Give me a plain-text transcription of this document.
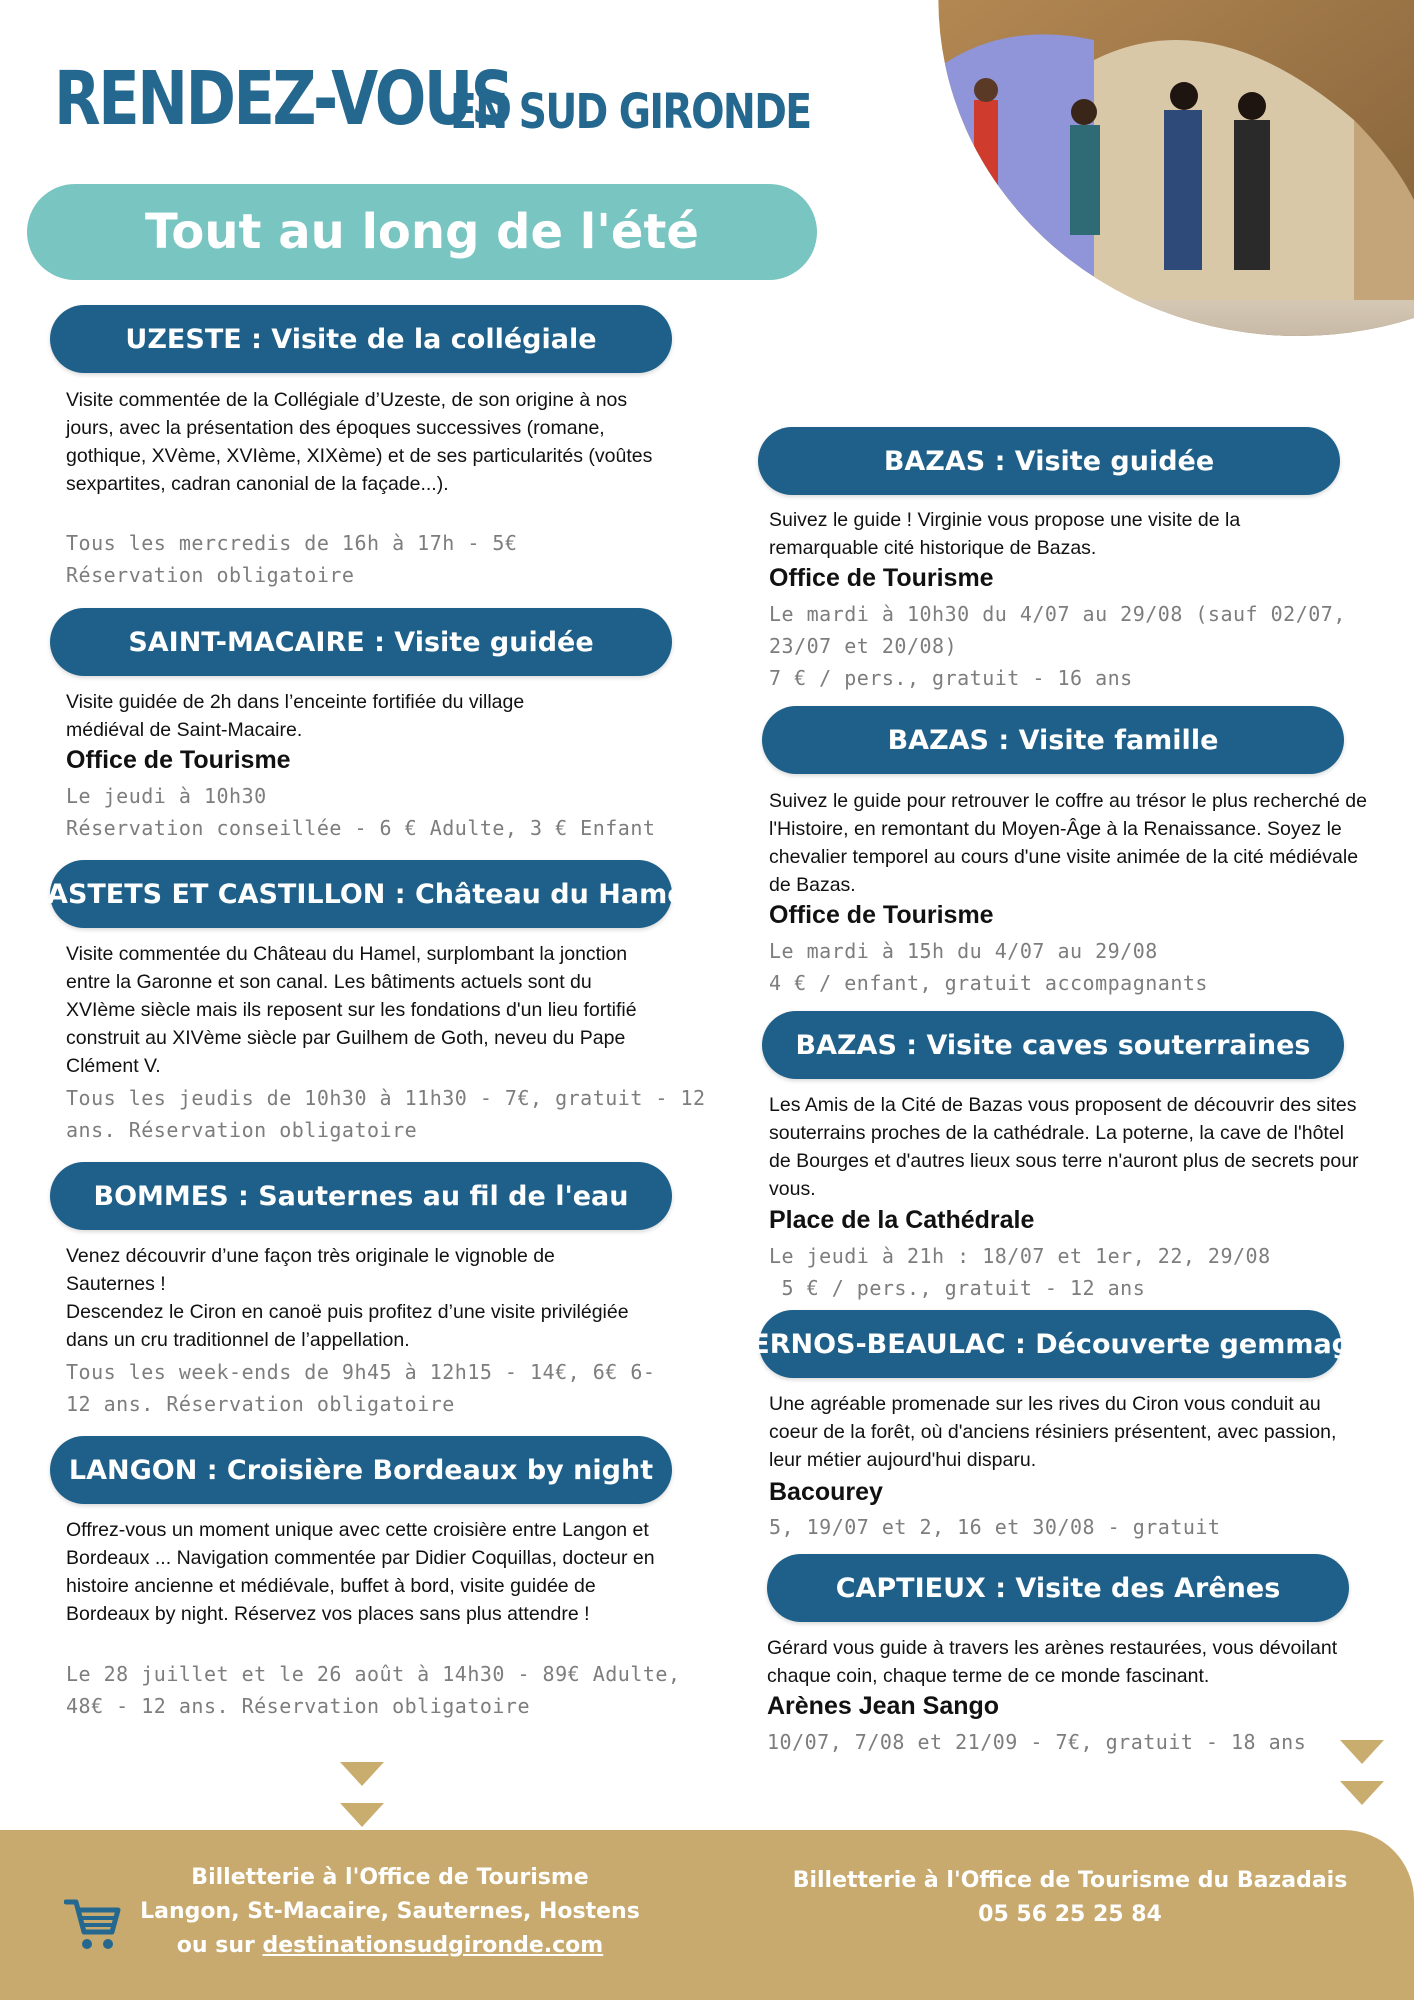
RENDEZ-VOUS
EN SUD GIRONDE
Tout au long de l'été
UZESTE : Visite de la collégiale
Visite commentée de la Collégiale d’Uzeste, de son origine à nos jours, avec la présentation des époques successives (romane, gothique, XVème, XVIème, XIXème) et de ses particularités (voûtes sexpartites, cadran canonial de la façade...).
Tous les mercredis de 16h à 17h - 5€
Réservation obligatoire
SAINT-MACAIRE : Visite guidée
Visite guidée de 2h dans l’enceinte fortifiée du village médiéval de Saint-Macaire.
Office de Tourisme
Le jeudi à 10h30
Réservation conseillée - 6 € Adulte, 3 € Enfant
CASTETS ET CASTILLON : Château du Hamel
Visite commentée du Château du Hamel, surplombant la jonction entre la Garonne et son canal. Les bâtiments actuels sont du XVIème siècle mais ils reposent sur les fondations d'un lieu fortifié construit au XIVème siècle par Guilhem de Goth, neveu du Pape Clément V.
Tous les jeudis de 10h30 à 11h30 - 7€, gratuit - 12
ans. Réservation obligatoire
BOMMES : Sauternes au fil de l'eau
Venez découvrir d’une façon très originale le vignoble de Sauternes !
Descendez le Ciron en canoë puis profitez d’une visite privilégiée dans un cru traditionnel de l’appellation.
Tous les week-ends de 9h45 à 12h15 - 14€, 6€ 6-
12 ans. Réservation obligatoire
LANGON : Croisière Bordeaux by night
Offrez-vous un moment unique avec cette croisière entre Langon et Bordeaux ... Navigation commentée par Didier Coquillas, docteur en histoire ancienne et médiévale, buffet à bord, visite guidée de Bordeaux by night. Réservez vos places sans plus attendre !
Le 28 juillet et le 26 août à 14h30 - 89€ Adulte,
48€ - 12 ans. Réservation obligatoire
BAZAS : Visite guidée
Suivez le guide ! Virginie vous propose une visite de la remarquable cité historique de Bazas.
Office de Tourisme
Le mardi à 10h30 du 4/07 au 29/08 (sauf 02/07,
23/07 et 20/08)
7 € / pers., gratuit - 16 ans
BAZAS : Visite famille
Suivez le guide pour retrouver le coffre au trésor le plus recherché de l'Histoire, en remontant du Moyen-Âge à la Renaissance. Soyez le chevalier temporel au cours d'une visite animée de la cité médiévale de Bazas.
Office de Tourisme
Le mardi à 15h du 4/07 au 29/08
4 € / enfant, gratuit accompagnants
BAZAS : Visite caves souterraines
Les Amis de la Cité de Bazas vous proposent de découvrir des sites souterrains proches de la cathédrale. La poterne, la cave de l'hôtel de Bourges et d'autres lieux sous terre n'auront plus de secrets pour vous.
Place de la Cathédrale
Le jeudi à 21h : 18/07 et 1er, 22, 29/08
5 € / pers., gratuit - 12 ans
BERNOS-BEAULAC : Découverte gemmage
Une agréable promenade sur les rives du Ciron vous conduit au coeur de la forêt, où d'anciens résiniers présentent, avec passion, leur métier aujourd'hui disparu.
Bacourey
5, 19/07 et 2, 16 et 30/08 - gratuit
CAPTIEUX : Visite des Arênes
Gérard vous guide à travers les arènes restaurées, vous dévoilant chaque coin, chaque terme de ce monde fascinant.
Arènes Jean Sango
10/07, 7/08 et 21/09 - 7€, gratuit - 18 ans
Billetterie à l'Office de Tourisme
Langon, St-Macaire, Sauternes, Hostens
ou sur destinationsudgironde.com
Billetterie à l'Office de Tourisme du Bazadais
05 56 25 25 84
